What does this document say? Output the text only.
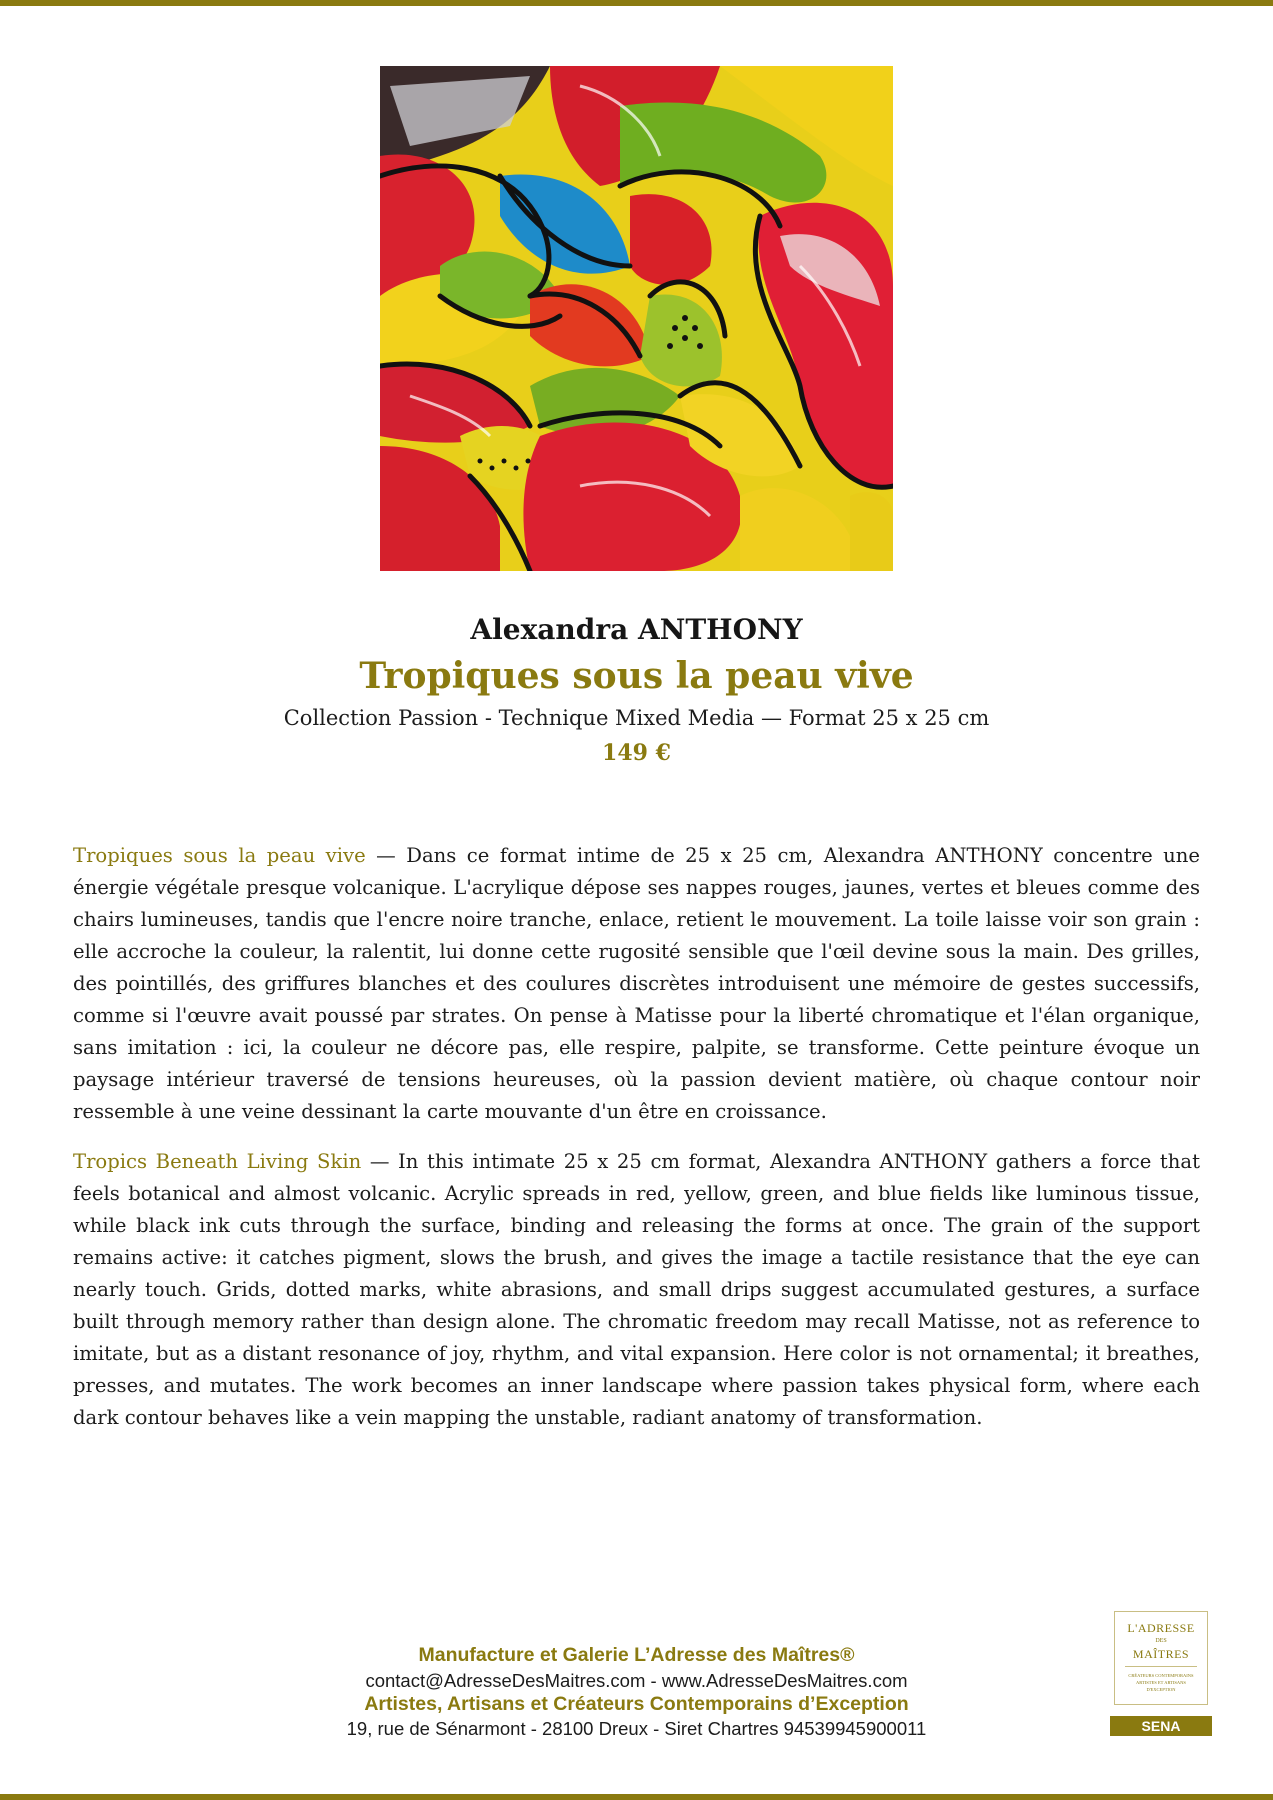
Alexandra ANTHONY
Tropiques sous la peau vive
Collection Passion - Technique Mixed Media — Format 25 x 25 cm
149 €

Tropiques sous la peau vive — Dans ce format intime de 25 x 25 cm, Alexandra ANTHONY concentre une énergie végétale presque volcanique. L'acrylique dépose ses nappes rouges, jaunes, vertes et bleues comme des chairs lumineuses, tandis que l'encre noire tranche, enlace, retient le mouvement. La toile laisse voir son grain : elle accroche la couleur, la ralentit, lui donne cette rugosité sensible que l'œil devine sous la main. Des grilles, des pointillés, des griffures blanches et des coulures discrètes introduisent une mémoire de gestes successifs, comme si l'œuvre avait poussé par strates. On pense à Matisse pour la liberté chromatique et l'élan organique, sans imitation : ici, la couleur ne décore pas, elle respire, palpite, se transforme. Cette peinture évoque un paysage intérieur traversé de tensions heureuses, où la passion devient matière, où chaque contour noir ressemble à une veine dessinant la carte mouvante d'un être en croissance.

Tropics Beneath Living Skin — In this intimate 25 x 25 cm format, Alexandra ANTHONY gathers a force that feels botanical and almost volcanic. Acrylic spreads in red, yellow, green, and blue fields like luminous tissue, while black ink cuts through the surface, binding and releasing the forms at once. The grain of the support remains active: it catches pigment, slows the brush, and gives the image a tactile resistance that the eye can nearly touch. Grids, dotted marks, white abrasions, and small drips suggest accumulated gestures, a surface built through memory rather than design alone. The chromatic freedom may recall Matisse, not as reference to imitate, but as a distant resonance of joy, rhythm, and vital expansion. Here color is not ornamental; it breathes, presses, and mutates. The work becomes an inner landscape where passion takes physical form, where each dark contour behaves like a vein mapping the unstable, radiant anatomy of transformation.

Manufacture et Galerie L’Adresse des Maîtres®
contact@AdresseDesMaitres.com - www.AdresseDesMaitres.com
Artistes, Artisans et Créateurs Contemporains d’Exception
19, rue de Sénarmont - 28100 Dreux - Siret Chartres 94539945900011
L'ADRESSE
DES
MAÎTRES
CRÉATEURS CONTEMPORAINS ARTISTES ET ARTISANS D'EXCEPTION
SENA
